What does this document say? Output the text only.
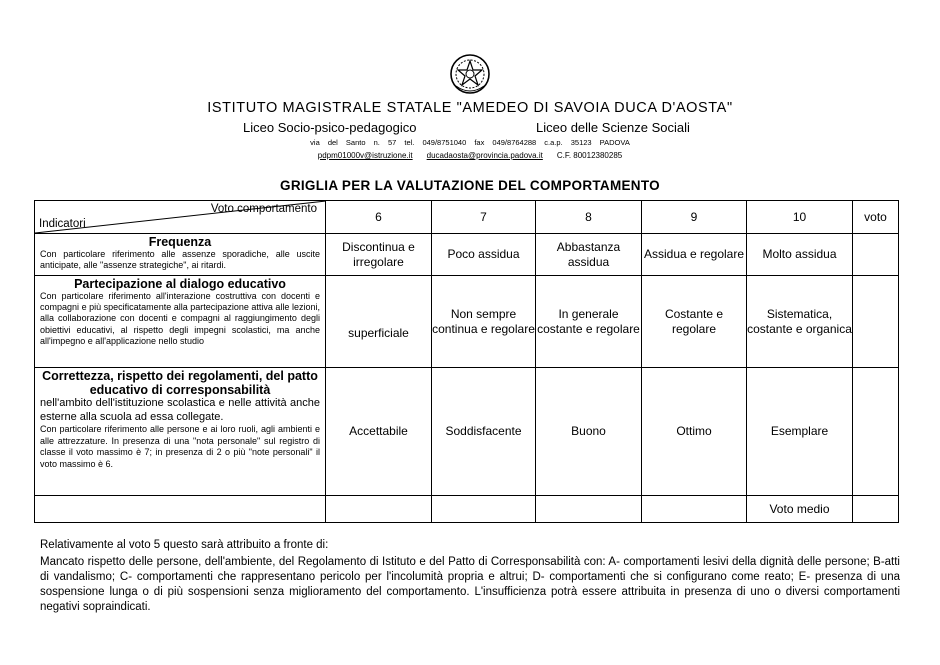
ISTITUTO MAGISTRALE STATALE "AMEDEO DI SAVOIA DUCA D'AOSTA"
Liceo Socio-psico-pedagogico	Liceo delle Scienze Sociali
via del Santo n. 57 tel. 049/8751040 fax 049/8764288 c.a.p. 35123 PADOVA
pdpm01000v@istruzione.it ducadaosta@provincia.padova.it C.F. 80012380285
GRIGLIA PER LA VALUTAZIONE DEL COMPORTAMENTO
Voto comportamento
Indicatori	6	7	8	9	10	voto

Frequenza
Con particolare riferimento alle assenze sporadiche, alle uscite anticipate, alle "assenze strategiche", ai ritardi.	Discontinua e irregolare	Poco assidua	Abbastanza assidua	Assidua e regolare	Molto assidua	

Partecipazione al dialogo educativo
Con particolare riferimento all'interazione costruttiva con docenti e compagni e più specificatamente alla partecipazione attiva alle lezioni, alla collaborazione con docenti e compagni al raggiungimento degli obiettivi educativi, al rispetto degli impegni scolastici, ma anche all'impegno e all'applicazione nello studio	superficiale	Non sempre continua e regolare	In generale costante e regolare	Costante e regolare	Sistematica, costante e organica	

Correttezza, rispetto dei regolamenti, del patto educativo di corresponsabilità
nell'ambito dell'istituzione scolastica e nelle attività anche esterne alla scuola ad essa collegate.
Con particolare riferimento alle persone e ai loro ruoli, agli ambienti e alle attrezzature. In presenza di una "nota personale" sul registro di classe il voto massimo è 7; in presenza di 2 o più "note personali" il voto massimo è 6.	Accettabile	Soddisfacente	Buono	Ottimo	Esemplare	
					Voto medio	

Relativamente al voto 5 questo sarà attribuito a fronte di:

Mancato rispetto delle persone, dell'ambiente, del Regolamento di Istituto e del Patto di Corresponsabilità con: A- comportamenti lesivi della dignità delle persone; B-atti di vandalismo; C- comportamenti che rappresentano pericolo per l'incolumità propria e altrui; D- comportamenti che si configurano come reato; E- presenza di una sospensione lunga o di più sospensioni senza miglioramento del comportamento. L'insufficienza potrà essere attribuita in presenza di uno o diversi comportamenti negativi sopraindicati.
